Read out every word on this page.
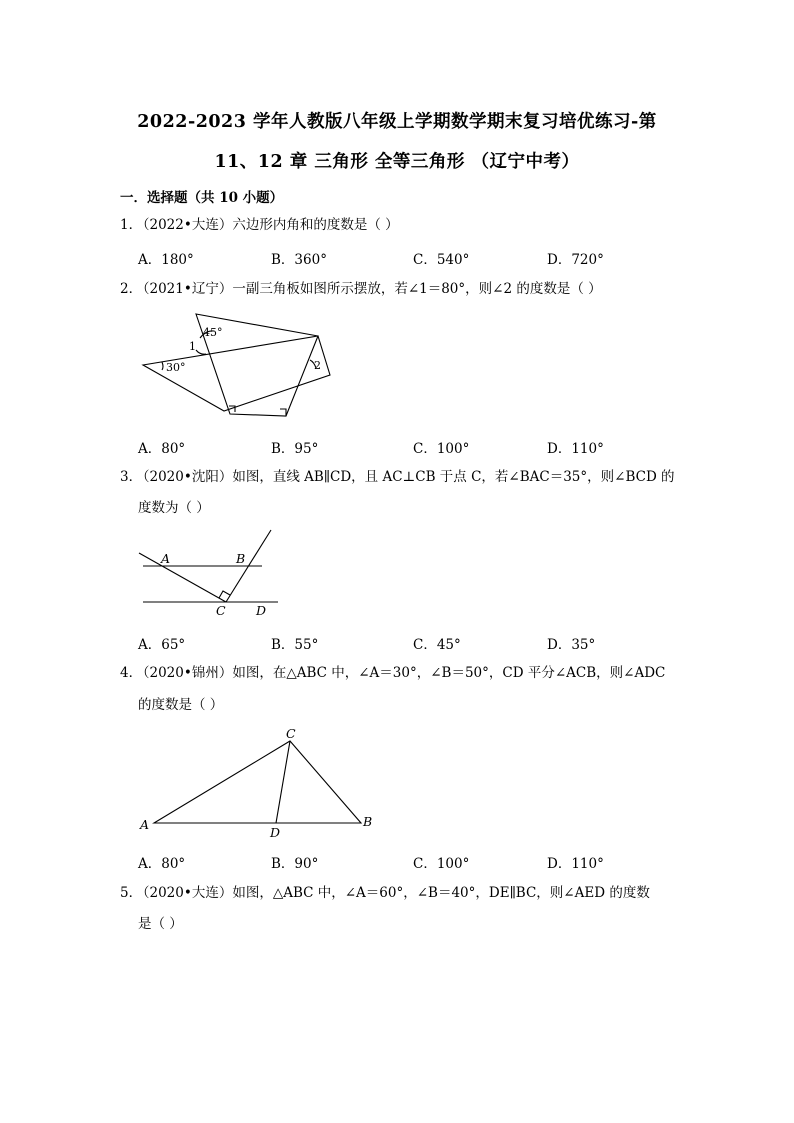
2022-2023 学年人教版八年级上学期数学期末复习培优练习-第
11、12 章 三角形 全等三角形 （辽宁中考）
一．选择题（共 10 小题）
1．（2022•大连）六边形内角和的度数是（ ）
A．180°	B．360°	C．540°	D．720°
2．（2021•辽宁）一副三角板如图所示摆放，若∠1＝80°，则∠2 的度数是（ ）
45°
1
30°	2
A．80°	B．95°	C．100°	D．110°
3．（2020•沈阳）如图，直线 AB∥CD，且 AC⊥CB 于点 C，若∠BAC＝35°，则∠BCD 的
度数为（ ）
A	B
C D
A．65°	B．55°	C．45°	D．35°
4．（2020•锦州）如图，在△ABC 中，∠A＝30°，∠B＝50°，CD 平分∠ACB，则∠ADC
的度数是（ ）
C
A
D
B
A．80°	B．90°	C．100°	D．110°
5．（2020•大连）如图，△ABC 中，∠A＝60°，∠B＝40°，DE∥BC，则∠AED 的度数
是（ ）
